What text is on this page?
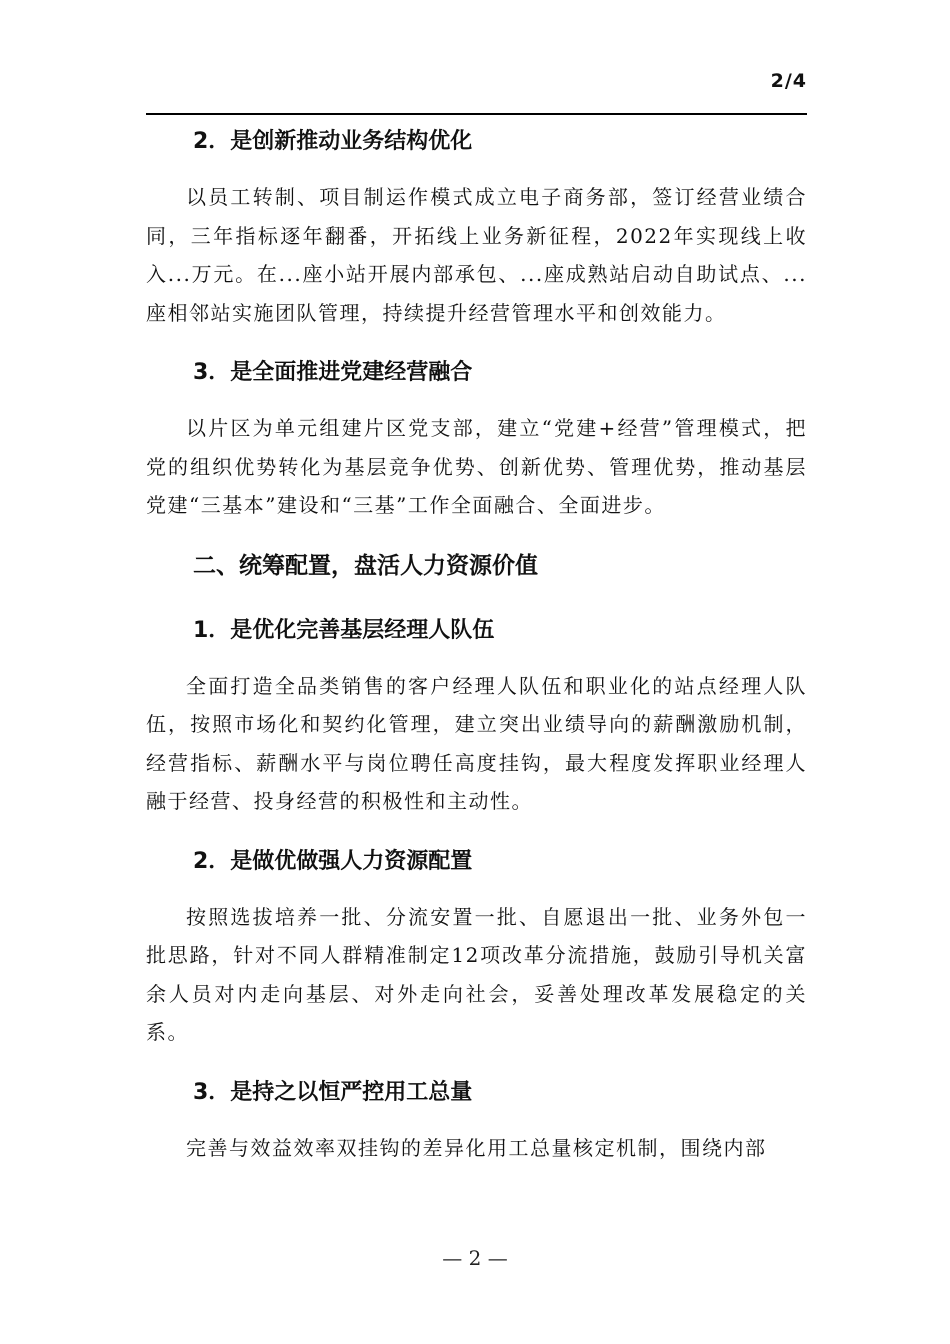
2/4
2．是创新推动业务结构优化

以员工转制、项目制运作模式成立电子商务部，签订经营业绩合同，三年指标逐年翻番，开拓线上业务新征程，2022年实现线上收入...万元。在...座小站开展内部承包、...座成熟站启动自助试点、...座相邻站实施团队管理，持续提升经营管理水平和创效能力。

3．是全面推进党建经营融合

以片区为单元组建片区党支部，建立“党建+经营”管理模式，把党的组织优势转化为基层竞争优势、创新优势、管理优势，推动基层党建“三基本”建设和“三基”工作全面融合、全面进步。

二、统筹配置，盘活人力资源价值
1．是优化完善基层经理人队伍

全面打造全品类销售的客户经理人队伍和职业化的站点经理人队伍，按照市场化和契约化管理，建立突出业绩导向的薪酬激励机制，经营指标、薪酬水平与岗位聘任高度挂钩，最大程度发挥职业经理人融于经营、投身经营的积极性和主动性。

2．是做优做强人力资源配置

按照选拔培养一批、分流安置一批、自愿退出一批、业务外包一批思路，针对不同人群精准制定12项改革分流措施，鼓励引导机关富余人员对内走向基层、对外走向社会，妥善处理改革发展稳定的关系。

3．是持之以恒严控用工总量

完善与效益效率双挂钩的差异化用工总量核定机制，围绕内部

— 2 —
